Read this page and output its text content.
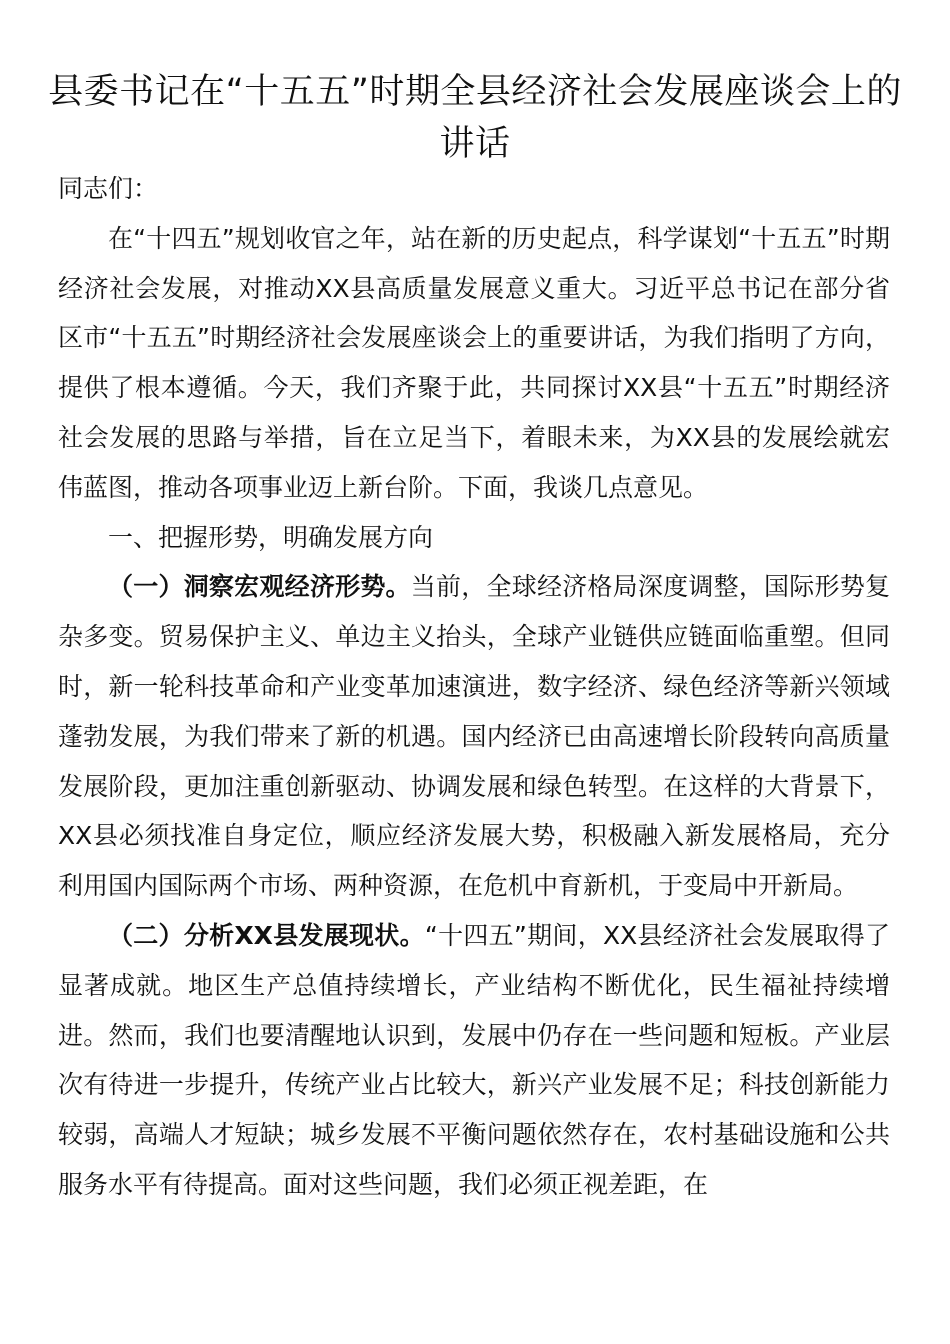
县委书记在“十五五”时期全县经济社会发展座谈会上的讲话

同志们：

在“十四五”规划收官之年，站在新的历史起点，科学谋划“十五五”时期经济社会发展，对推动XX县高质量发展意义重大。习近平总书记在部分省区市“十五五”时期经济社会发展座谈会上的重要讲话，为我们指明了方向，提供了根本遵循。今天，我们齐聚于此，共同探讨XX县“十五五”时期经济社会发展的思路与举措，旨在立足当下，着眼未来，为XX县的发展绘就宏伟蓝图，推动各项事业迈上新台阶。下面，我谈几点意见。

一、把握形势，明确发展方向

（一）洞察宏观经济形势。当前，全球经济格局深度调整，国际形势复杂多变。贸易保护主义、单边主义抬头，全球产业链供应链面临重塑。但同时，新一轮科技革命和产业变革加速演进，数字经济、绿色经济等新兴领域蓬勃发展，为我们带来了新的机遇。国内经济已由高速增长阶段转向高质量发展阶段，更加注重创新驱动、协调发展和绿色转型。在这样的大背景下，XX县必须找准自身定位，顺应经济发展大势，积极融入新发展格局，充分利用国内国际两个市场、两种资源，在危机中育新机，于变局中开新局。

（二）分析XX县发展现状。“十四五”期间，XX县经济社会发展取得了显著成就。地区生产总值持续增长，产业结构不断优化，民生福祉持续增进。然而，我们也要清醒地认识到，发展中仍存在一些问题和短板。产业层次有待进一步提升，传统产业占比较大，新兴产业发展不足；科技创新能力较弱，高端人才短缺；城乡发展不平衡问题依然存在，农村基础设施和公共服务水平有待提高。面对这些问题，我们必须正视差距，在
